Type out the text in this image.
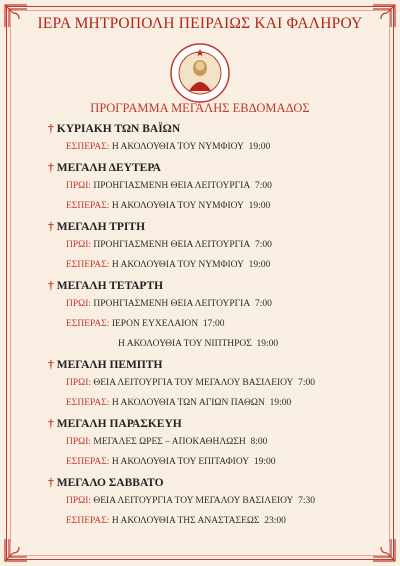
ΙΕΡΑ ΜΗΤΡΟΠΟΛΗ ΠΕΙΡΑΙΩΣ ΚΑΙ ΦΑΛΗΡΟΥ
ΠΡΟΓΡΑΜΜΑ ΜΕΓΑΛΗΣ ΕΒΔΟΜΑΔΟΣ
† ΚΥΡΙΑΚΗ ΤΩΝ ΒΑΪΩΝ
ΕΣΠΕΡΑΣ: Η ΑΚΟΛΟΥΘΙΑ ΤΟΥ ΝΥΜΦΙΟΥ 19:00
† ΜΕΓΑΛΗ ΔΕΥΤΕΡΑ
ΠΡΩΙ: ΠΡΟΗΓΙΑΣΜΕΝΗ ΘΕΙΑ ΛΕΙΤΟΥΡΓΙΑ 7:00
ΕΣΠΕΡΑΣ: Η ΑΚΟΛΟΥΘΙΑ ΤΟΥ ΝΥΜΦΙΟΥ 19:00
† ΜΕΓΑΛΗ ΤΡΙΤΗ
ΠΡΩΙ: ΠΡΟΗΓΙΑΣΜΕΝΗ ΘΕΙΑ ΛΕΙΤΟΥΡΓΙΑ 7:00
ΕΣΠΕΡΑΣ: Η ΑΚΟΛΟΥΘΙΑ ΤΟΥ ΝΥΜΦΙΟΥ 19:00
† ΜΕΓΑΛΗ ΤΕΤΑΡΤΗ
ΠΡΩΙ: ΠΡΟΗΓΙΑΣΜΕΝΗ ΘΕΙΑ ΛΕΙΤΟΥΡΓΙΑ 7:00
ΕΣΠΕΡΑΣ: ΙΕΡΟΝ ΕΥΧΕΛΑΙΟΝ 17:00
Η ΑΚΟΛΟΥΘΙΑ ΤΟΥ ΝΙΠΤΗΡΟΣ 19:00
† ΜΕΓΑΛΗ ΠΕΜΠΤΗ
ΠΡΩΙ: ΘΕΙΑ ΛΕΙΤΟΥΡΓΙΑ ΤΟΥ ΜΕΓΑΛΟΥ ΒΑΣΙΛΕΙΟΥ 7:00
ΕΣΠΕΡΑΣ: Η ΑΚΟΛΟΥΘΙΑ ΤΩΝ ΑΓΙΩΝ ΠΑΘΩΝ 19:00
† ΜΕΓΑΛΗ ΠΑΡΑΣΚΕΥΗ
ΠΡΩΙ: ΜΕΓΑΛΕΣ ΩΡΕΣ – ΑΠΟΚΑΘΗΛΩΣΗ 8:00
ΕΣΠΕΡΑΣ: Η ΑΚΟΛΟΥΘΙΑ ΤΟΥ ΕΠΙΤΑΦΙΟΥ 19:00
† ΜΕΓΑΛΟ ΣΑΒΒΑΤΟ
ΠΡΩΙ: ΘΕΙΑ ΛΕΙΤΟΥΡΓΙΑ ΤΟΥ ΜΕΓΑΛΟΥ ΒΑΣΙΛΕΙΟΥ 7:30
ΕΣΠΕΡΑΣ: Η ΑΚΟΛΟΥΘΙΑ ΤΗΣ ΑΝΑΣΤΑΣΕΩΣ 23:00
